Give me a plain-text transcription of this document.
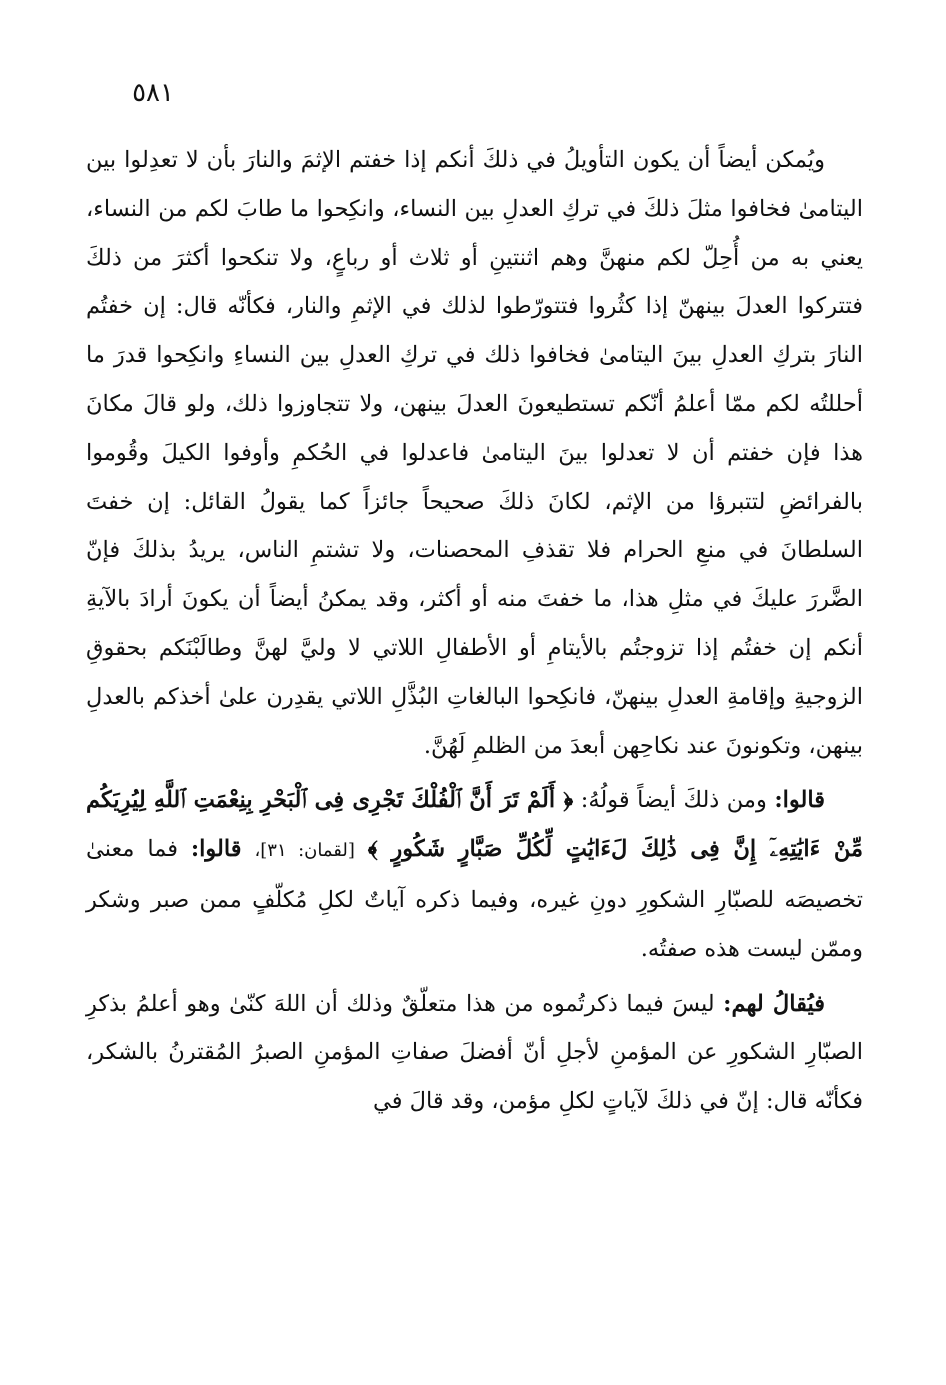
٥٨١

ويُمكن أيضاً أن يكون التأويلُ في ذلكَ أنكم إذا خفتم الإثمَ والنارَ بأن لا تعدِلوا بين اليتامىٰ فخافوا مثلَ ذلكَ في تركِ العدلِ بين النساء، وانكِحوا ما طابَ لكم من النساء، يعني به من أُحِلّ لكم منهنَّ وهم اثنتينِ أو ثلاث أو رباعٍ، ولا تنكحوا أكثرَ من ذلكَ فتتركوا العدلَ بينهنّ إذا كثُروا فتتورّطوا لذلك في الإثمِ والنار، فكأنّه قال: إن خفتُم النارَ بتركِ العدلِ بينَ اليتامىٰ فخافوا ذلك في تركِ العدلِ بين النساءِ وانكِحوا قدرَ ما أحللتُه لكم ممّا أعلمُ أنّكم تستطيعونَ العدلَ بينهن، ولا تتجاوزوا ذلك، ولو قالَ مكانَ هذا فإن خفتم أن لا تعدلوا بينَ اليتامىٰ فاعدلوا في الحُكمِ وأوفوا الكيلَ وقُوموا بالفرائضِ لتتبرؤا من الإثم، لكانَ ذلكَ صحيحاً جائزاً كما يقولُ القائل: إن خفتَ السلطانَ في منعِ الحرام فلا تقذفِ المحصنات، ولا تشتمِ الناس، يريدُ بذلكَ فإنّ الضَّررَ عليكَ في مثلِ هذا، ما خفتَ منه أو أكثر، وقد يمكنُ أيضاً أن يكونَ أرادَ بالآيةِ أنكم إن خفتُم إذا تزوجتُم بالأيتامِ أو الأطفالِ اللاتي لا وليَّ لهنَّ وطالَبْنَكم بحقوقِ الزوجيةِ وإقامةِ العدلِ بينهنّ، فانكِحوا البالغاتِ البُذَّلِ اللاتي يقدِرن علىٰ أخذكم بالعدلِ بينهن، وتكونونَ عند نكاحِهن أبعدَ من الظلمِ لَهُنَّ.

قالوا: ومن ذلكَ أيضاً قولُهُ: ﴿ أَلَمْ تَرَ أَنَّ ٱلْفُلْكَ تَجْرِى فِى ٱلْبَحْرِ بِنِعْمَتِ ٱللَّهِ لِيُرِيَكُم مِّنْ ءَايَٰتِهِۦٓ إِنَّ فِى ذَٰلِكَ لَءَايَٰتٍ لِّكُلِّ صَبَّارٍ شَكُورٍ ﴾ [لقمان: ٣١]، قالوا: فما معنىٰ تخصيصَه للصبّارِ الشكورِ دونِ غيره، وفيما ذكره آياتٌ لكلِ مُكلّفٍ ممن صبر وشكر وممّن ليست هذه صفتُه.

فيُقالُ لهم: ليسَ فيما ذكرتُموه من هذا متعلّقٌ وذلك أن اللهَ كنّىٰ وهو أعلمُ بذكرِ الصبّارِ الشكورِ عن المؤمنِ لأجلِ أنّ أفضلَ صفاتِ المؤمنِ الصبرُ المُقترنُ بالشكر، فكأنّه قال: إنّ في ذلكَ لآياتٍ لكلِ مؤمن، وقد قالَ في
